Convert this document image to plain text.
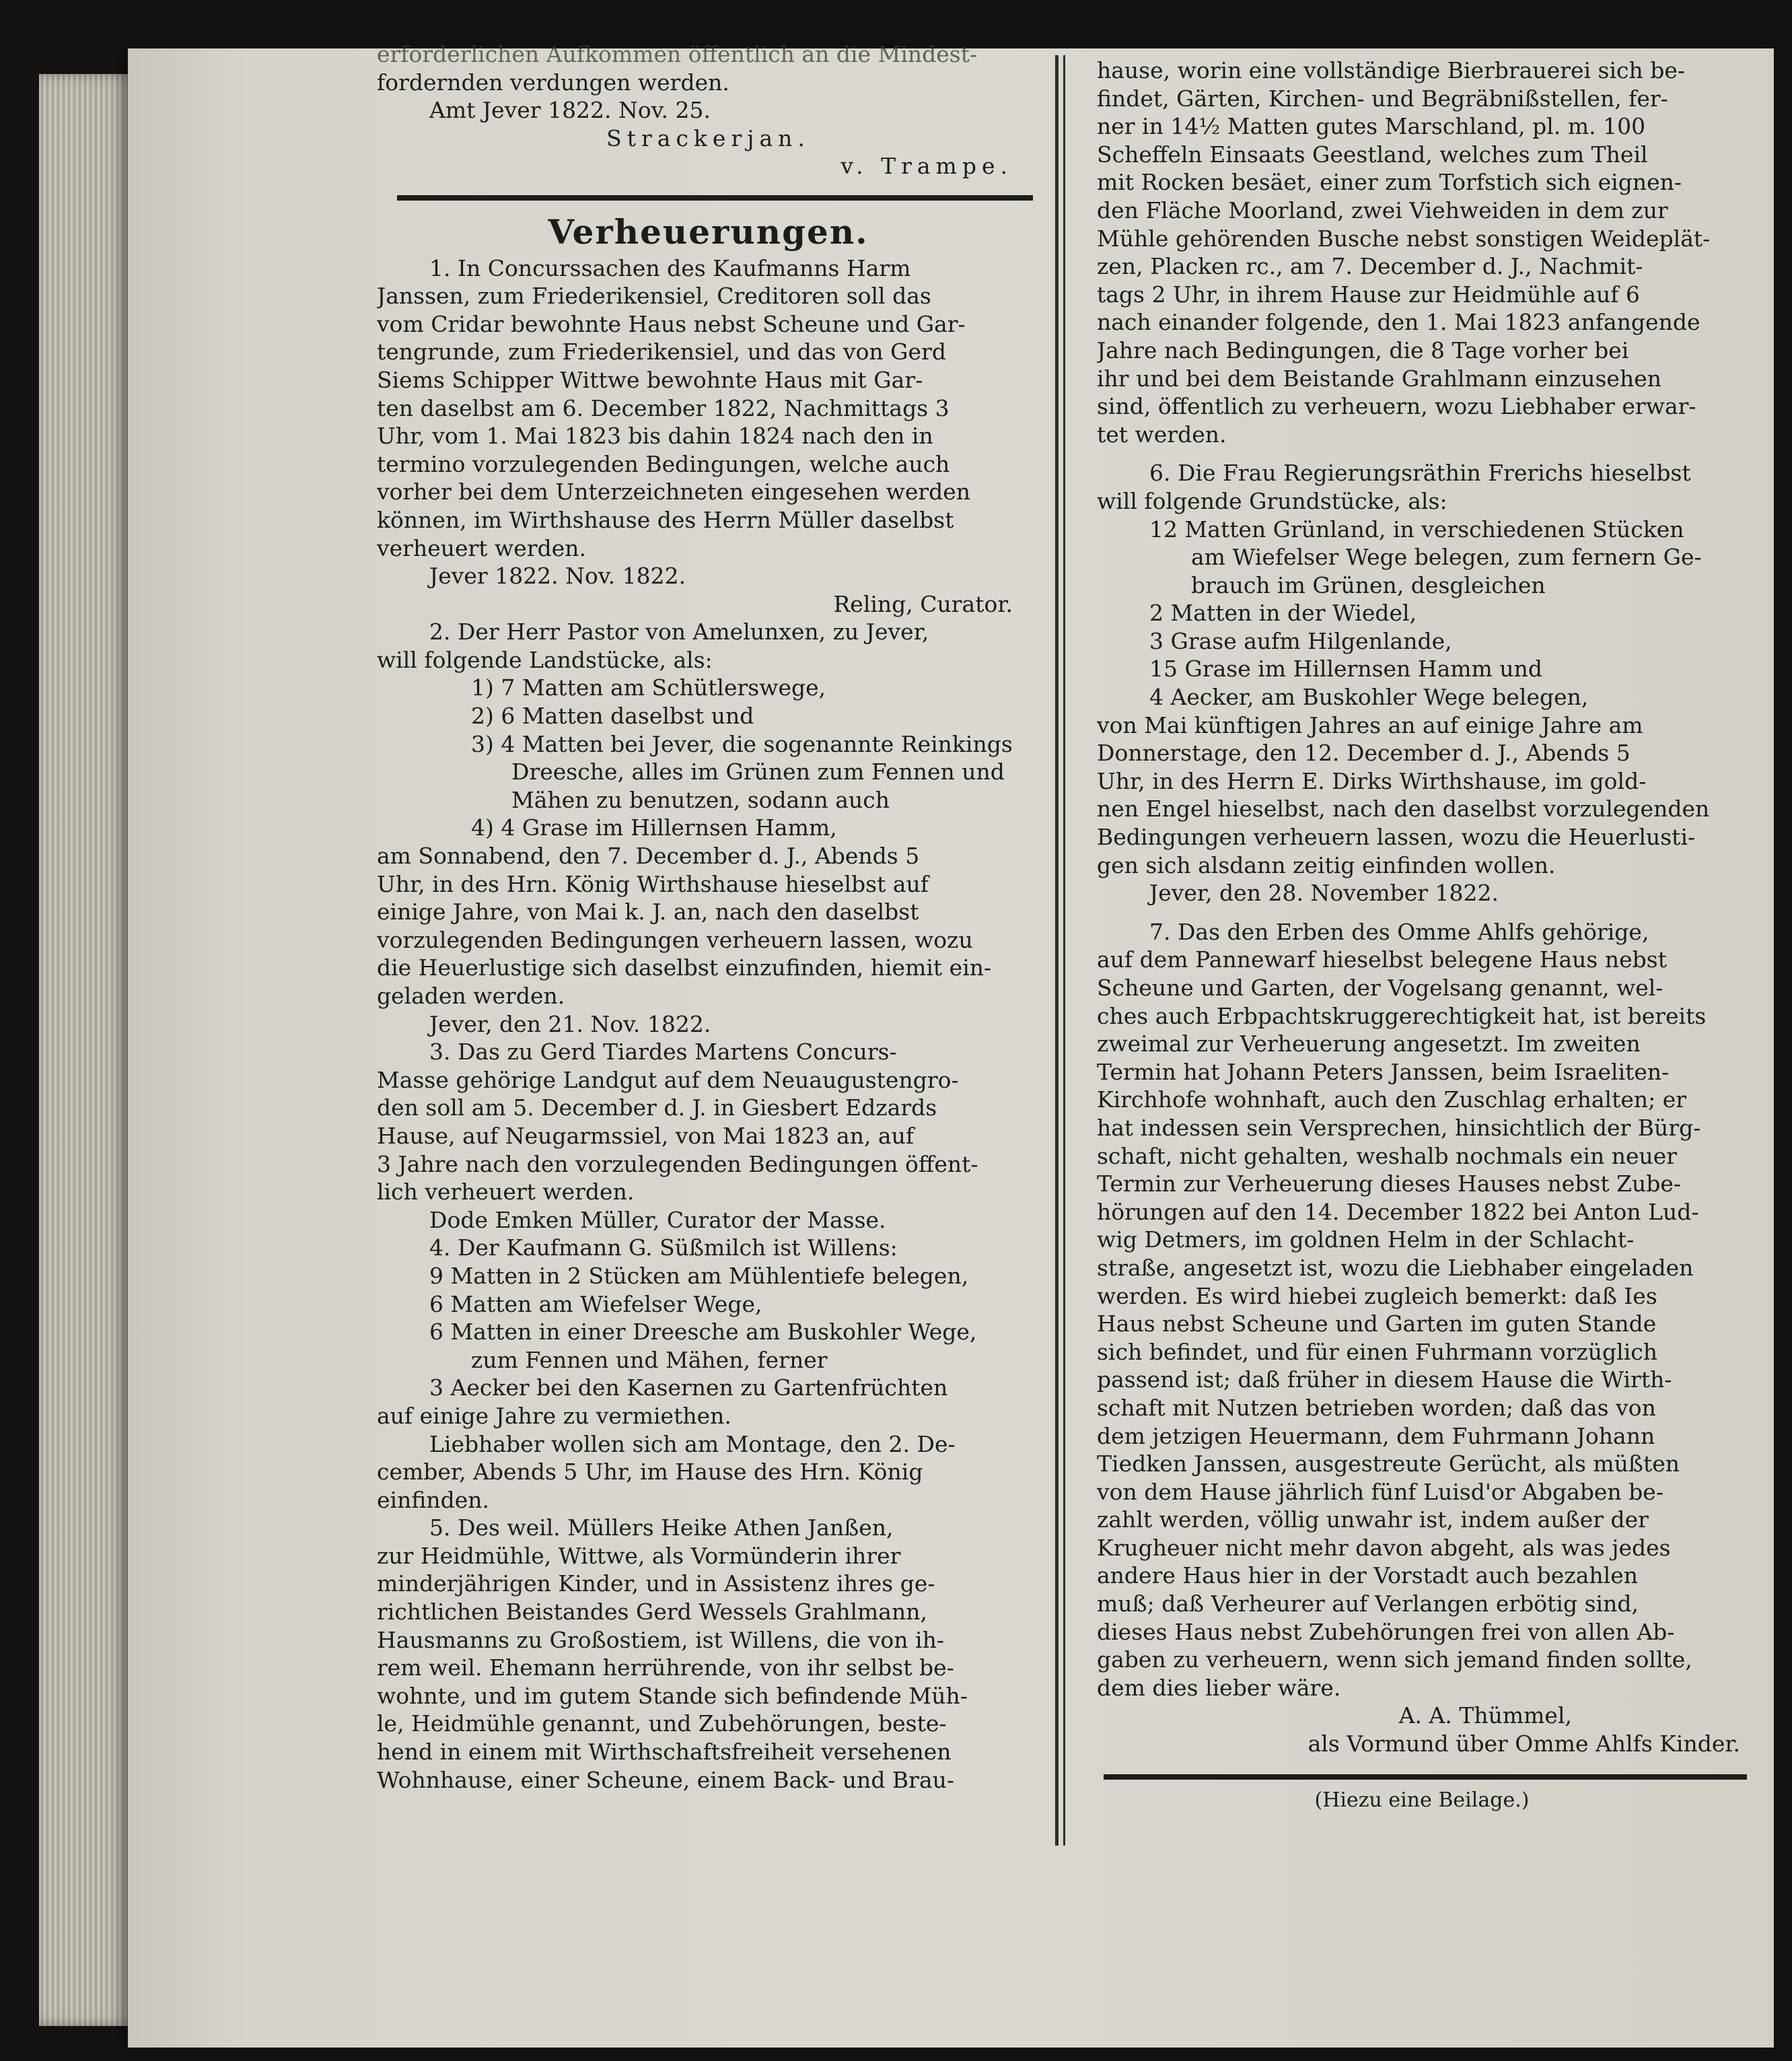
erforderlichen Aufkommen öffentlich an die Mindest-
fordernden verdungen werden.
Amt Jever 1822. Nov. 25.
Strackerjan.
v. Trampe.
Verheuerungen.
1. In Concurssachen des Kaufmanns Harm
Janssen, zum Friederikensiel, Creditoren soll das
vom Cridar bewohnte Haus nebst Scheune und Gar-
tengrunde, zum Friederikensiel, und das von Gerd
Siems Schipper Wittwe bewohnte Haus mit Gar-
ten daselbst am 6. December 1822, Nachmittags 3
Uhr, vom 1. Mai 1823 bis dahin 1824 nach den in
termino vorzulegenden Bedingungen, welche auch
vorher bei dem Unterzeichneten eingesehen werden
können, im Wirthshause des Herrn Müller daselbst
verheuert werden.
Jever 1822. Nov. 1822.
Reling, Curator.
2. Der Herr Pastor von Amelunxen, zu Jever,
will folgende Landstücke, als:
1) 7 Matten am Schütlerswege,
2) 6 Matten daselbst und
3) 4 Matten bei Jever, die sogenannte Reinkings
Dreesche, alles im Grünen zum Fennen und
Mähen zu benutzen, sodann auch
4) 4 Grase im Hillernsen Hamm,
am Sonnabend, den 7. December d. J., Abends 5
Uhr, in des Hrn. König Wirthshause hieselbst auf
einige Jahre, von Mai k. J. an, nach den daselbst
vorzulegenden Bedingungen verheuern lassen, wozu
die Heuerlustige sich daselbst einzufinden, hiemit ein-
geladen werden.
Jever, den 21. Nov. 1822.
3. Das zu Gerd Tiardes Martens Concurs-
Masse gehörige Landgut auf dem Neuaugustengro-
den soll am 5. December d. J. in Giesbert Edzards
Hause, auf Neugarmssiel, von Mai 1823 an, auf
3 Jahre nach den vorzulegenden Bedingungen öffent-
lich verheuert werden.
Dode Emken Müller, Curator der Masse.
4. Der Kaufmann G. Süßmilch ist Willens:
9 Matten in 2 Stücken am Mühlentiefe belegen,
6 Matten am Wiefelser Wege,
6 Matten in einer Dreesche am Buskohler Wege,
zum Fennen und Mähen, ferner
3 Aecker bei den Kasernen zu Gartenfrüchten
auf einige Jahre zu vermiethen.
Liebhaber wollen sich am Montage, den 2. De-
cember, Abends 5 Uhr, im Hause des Hrn. König
einfinden.
5. Des weil. Müllers Heike Athen Janßen,
zur Heidmühle, Wittwe, als Vormünderin ihrer
minderjährigen Kinder, und in Assistenz ihres ge-
richtlichen Beistandes Gerd Wessels Grahlmann,
Hausmanns zu Großostiem, ist Willens, die von ih-
rem weil. Ehemann herrührende, von ihr selbst be-
wohnte, und im gutem Stande sich befindende Müh-
le, Heidmühle genannt, und Zubehörungen, beste-
hend in einem mit Wirthschaftsfreiheit versehenen
Wohnhause, einer Scheune, einem Back- und Brau-
hause, worin eine vollständige Bierbrauerei sich be-
findet, Gärten, Kirchen- und Begräbnißstellen, fer-
ner in 14½ Matten gutes Marschland, pl. m. 100
Scheffeln Einsaats Geestland, welches zum Theil
mit Rocken besäet, einer zum Torfstich sich eignen-
den Fläche Moorland, zwei Viehweiden in dem zur
Mühle gehörenden Busche nebst sonstigen Weideplät-
zen, Placken rc., am 7. December d. J., Nachmit-
tags 2 Uhr, in ihrem Hause zur Heidmühle auf 6
nach einander folgende, den 1. Mai 1823 anfangende
Jahre nach Bedingungen, die 8 Tage vorher bei
ihr und bei dem Beistande Grahlmann einzusehen
sind, öffentlich zu verheuern, wozu Liebhaber erwar-
tet werden.
6. Die Frau Regierungsräthin Frerichs hieselbst
will folgende Grundstücke, als:
12 Matten Grünland, in verschiedenen Stücken
am Wiefelser Wege belegen, zum fernern Ge-
brauch im Grünen, desgleichen
2 Matten in der Wiedel,
3 Grase aufm Hilgenlande,
15 Grase im Hillernsen Hamm und
4 Aecker, am Buskohler Wege belegen,
von Mai künftigen Jahres an auf einige Jahre am
Donnerstage, den 12. December d. J., Abends 5
Uhr, in des Herrn E. Dirks Wirthshause, im gold-
nen Engel hieselbst, nach den daselbst vorzulegenden
Bedingungen verheuern lassen, wozu die Heuerlusti-
gen sich alsdann zeitig einfinden wollen.
Jever, den 28. November 1822.
7. Das den Erben des Omme Ahlfs gehörige,
auf dem Pannewarf hieselbst belegene Haus nebst
Scheune und Garten, der Vogelsang genannt, wel-
ches auch Erbpachtskruggerechtigkeit hat, ist bereits
zweimal zur Verheuerung angesetzt. Im zweiten
Termin hat Johann Peters Janssen, beim Israeliten-
Kirchhofe wohnhaft, auch den Zuschlag erhalten; er
hat indessen sein Versprechen, hinsichtlich der Bürg-
schaft, nicht gehalten, weshalb nochmals ein neuer
Termin zur Verheuerung dieses Hauses nebst Zube-
hörungen auf den 14. December 1822 bei Anton Lud-
wig Detmers, im goldnen Helm in der Schlacht-
straße, angesetzt ist, wozu die Liebhaber eingeladen
werden. Es wird hiebei zugleich bemerkt: daß Ies
Haus nebst Scheune und Garten im guten Stande
sich befindet, und für einen Fuhrmann vorzüglich
passend ist; daß früher in diesem Hause die Wirth-
schaft mit Nutzen betrieben worden; daß das von
dem jetzigen Heuermann, dem Fuhrmann Johann
Tiedken Janssen, ausgestreute Gerücht, als müßten
von dem Hause jährlich fünf Luisd'or Abgaben be-
zahlt werden, völlig unwahr ist, indem außer der
Krugheuer nicht mehr davon abgeht, als was jedes
andere Haus hier in der Vorstadt auch bezahlen
muß; daß Verheurer auf Verlangen erbötig sind,
dieses Haus nebst Zubehörungen frei von allen Ab-
gaben zu verheuern, wenn sich jemand finden sollte,
dem dies lieber wäre.
A. A. Thümmel,
als Vormund über Omme Ahlfs Kinder.
(Hiezu eine Beilage.)
